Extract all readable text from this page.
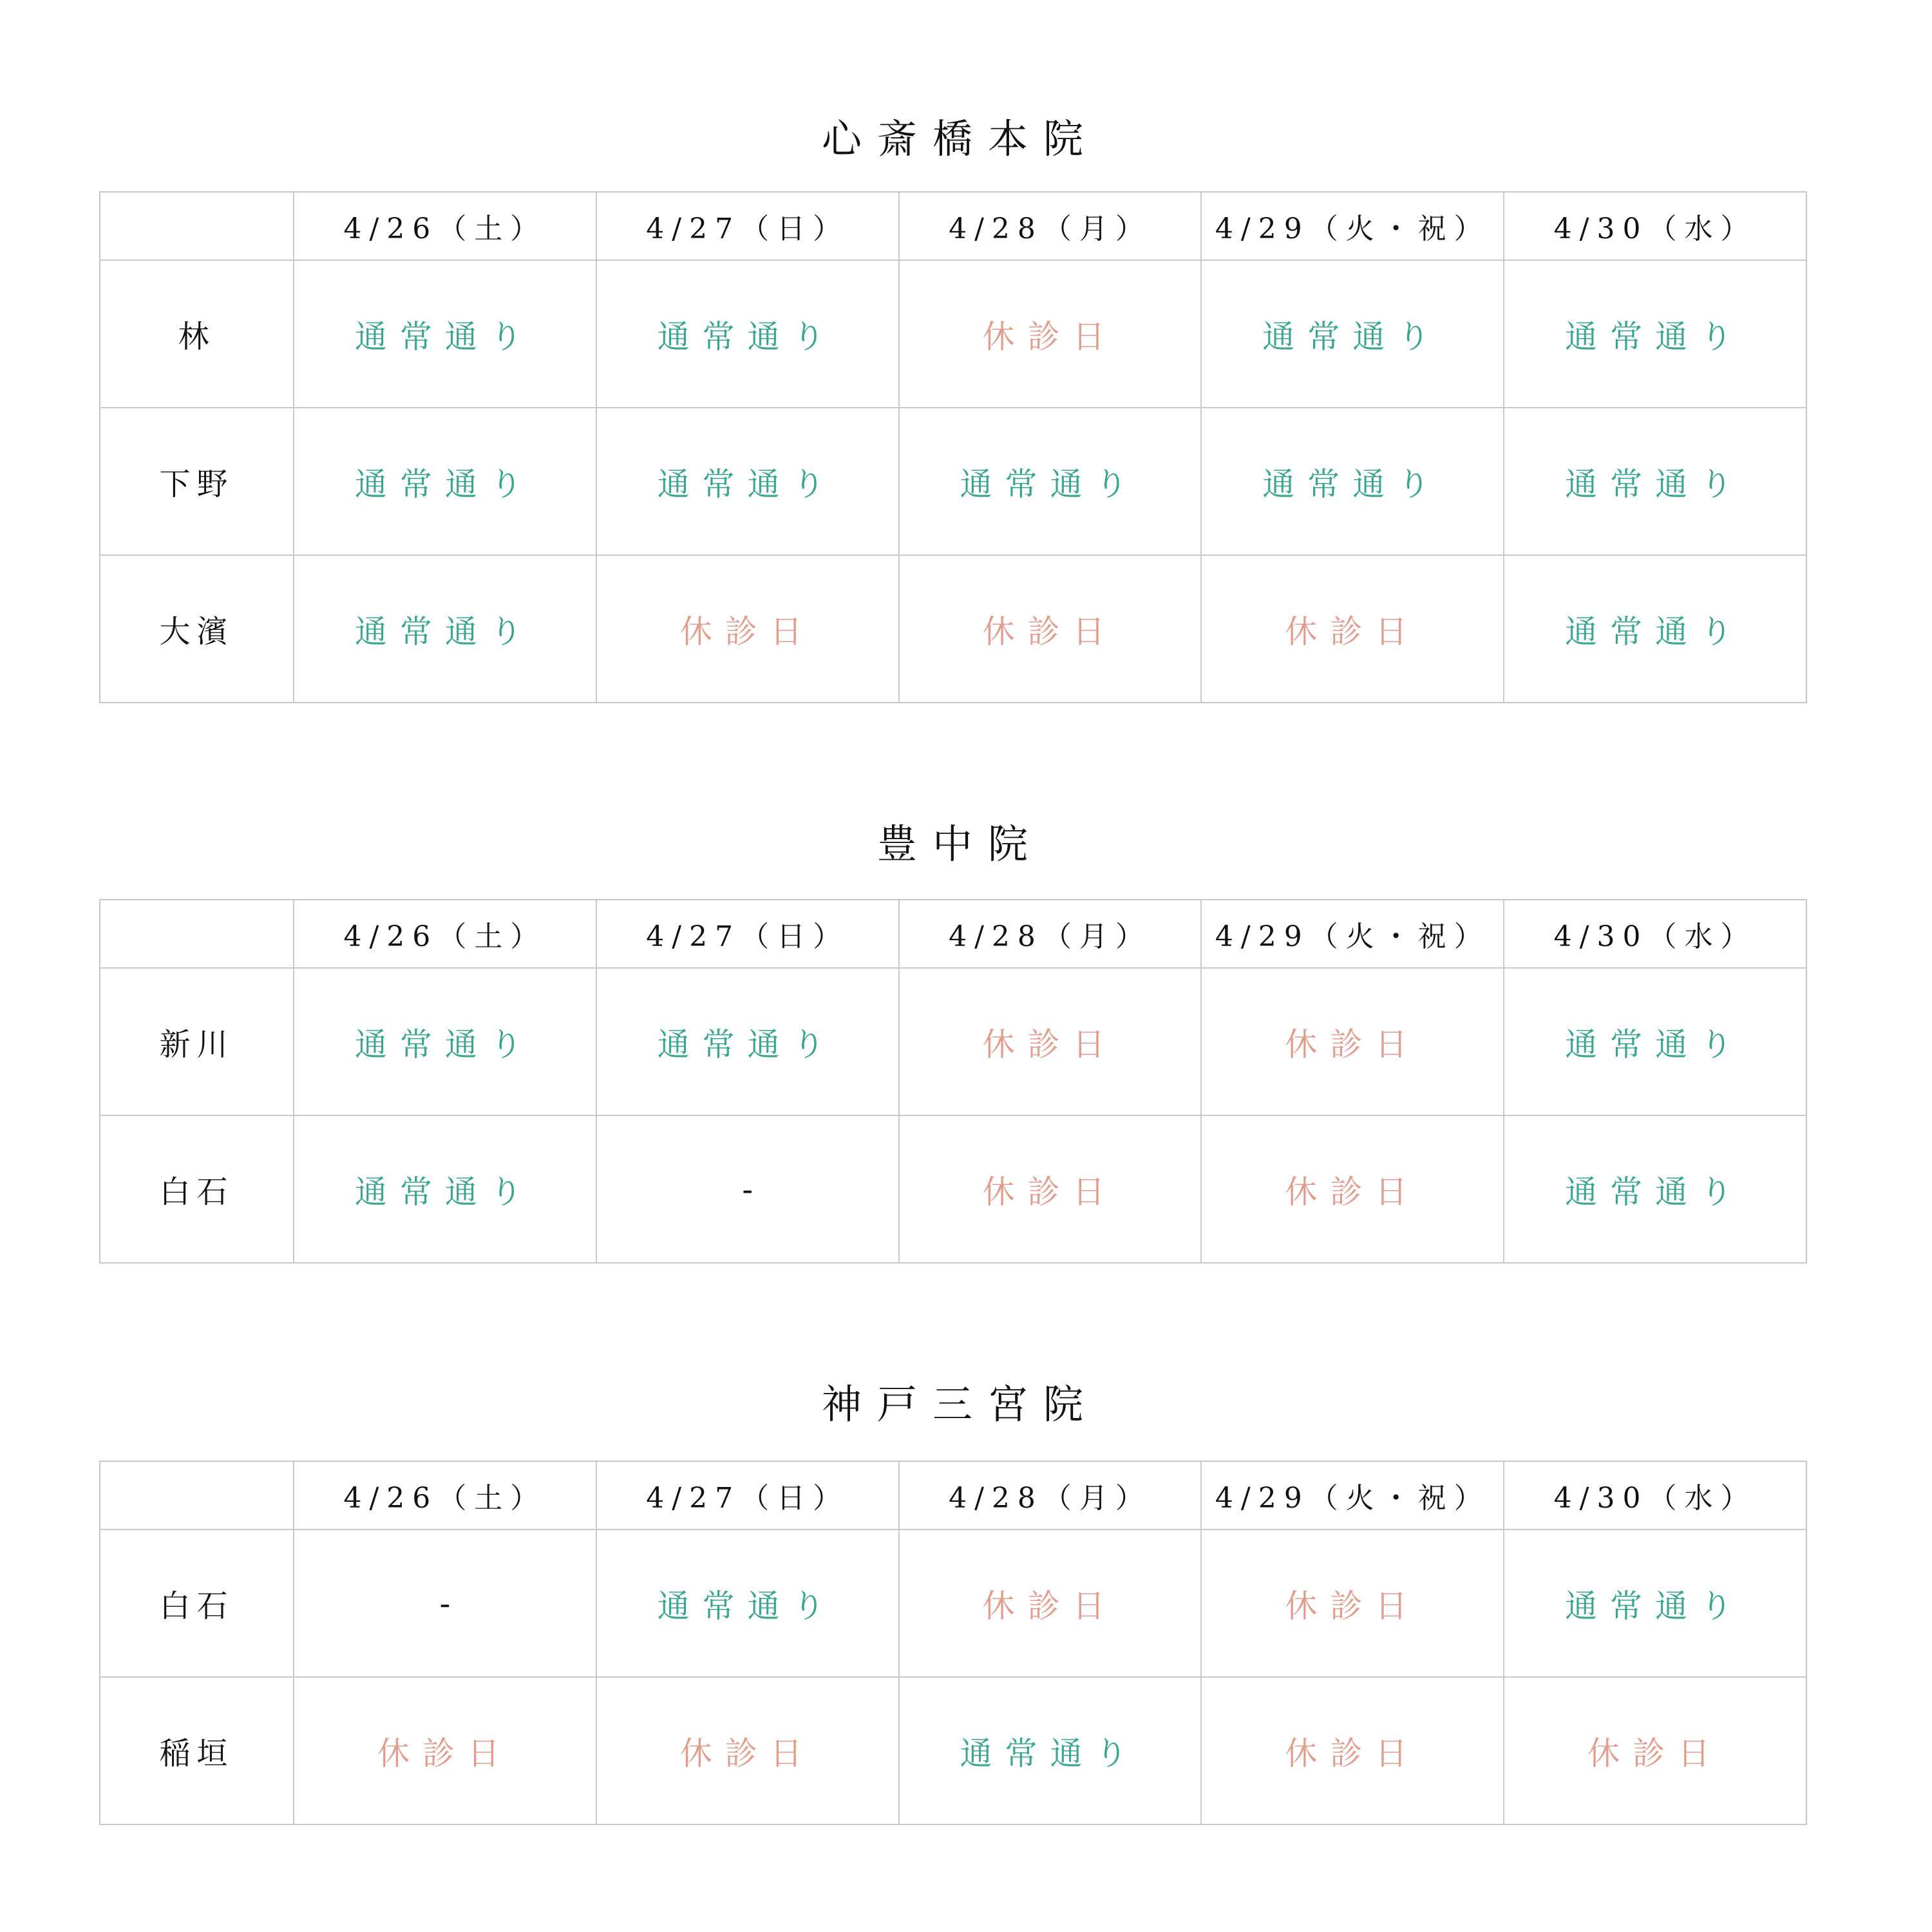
心斎橋本院
	4/26（土）	4/27（日）	4/28（月）	4/29（火・祝）	4/30（水）
林	通常通り	通常通り	休診日	通常通り	通常通り
下野	通常通り	通常通り	通常通り	通常通り	通常通り
大濱	通常通り	休診日	休診日	休診日	通常通り
豊中院
	4/26（土）	4/27（日）	4/28（月）	4/29（火・祝）	4/30（水）
新川	通常通り	通常通り	休診日	休診日	通常通り
白石	通常通り	-	休診日	休診日	通常通り
神戸三宮院
	4/26（土）	4/27（日）	4/28（月）	4/29（火・祝）	4/30（水）
白石	-	通常通り	休診日	休診日	通常通り
稲垣	休診日	休診日	通常通り	休診日	休診日
